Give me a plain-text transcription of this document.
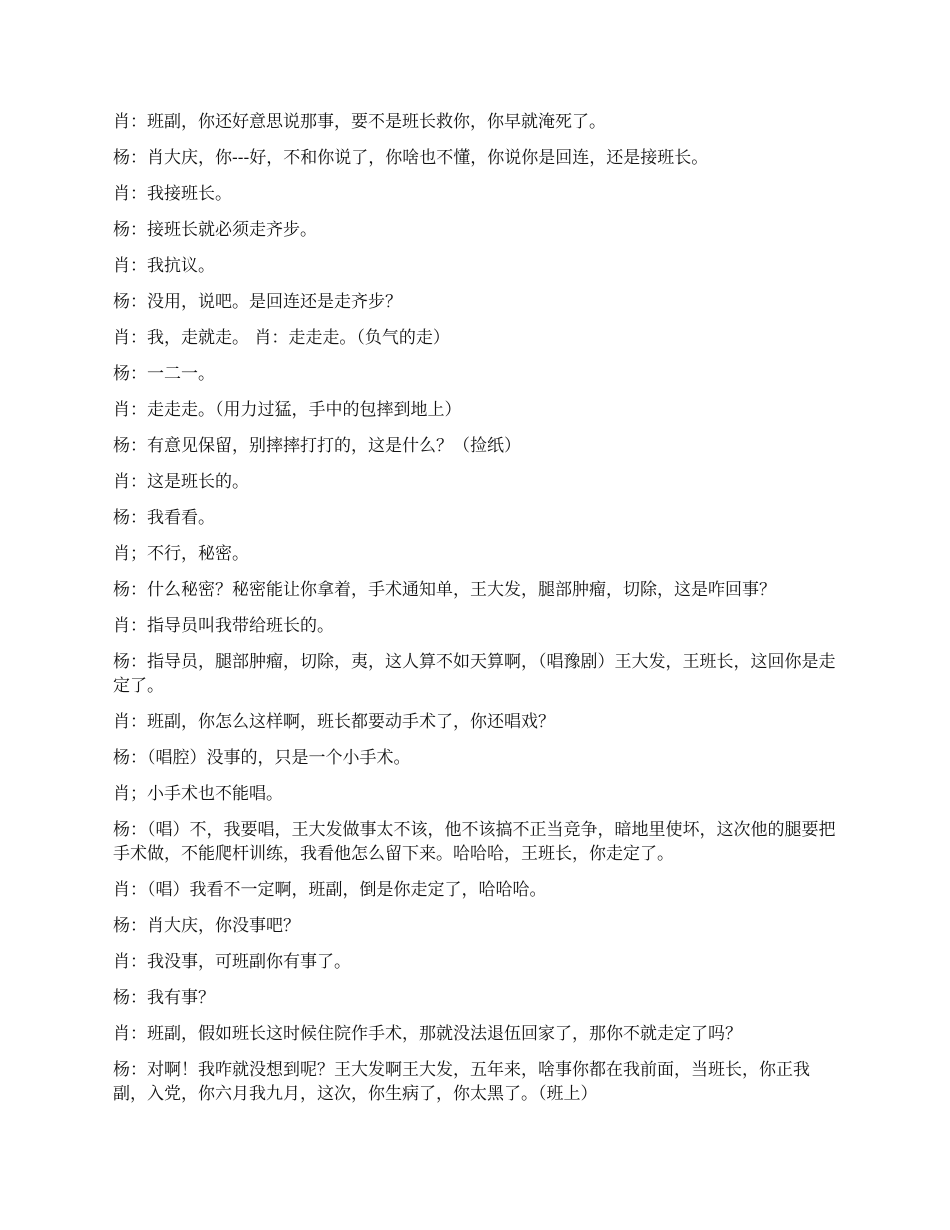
肖：班副，你还好意思说那事，要不是班长救你，你早就淹死了。

杨：肖大庆，你---好，不和你说了，你啥也不懂，你说你是回连，还是接班长。

肖：我接班长。

杨：接班长就必须走齐步。

肖：我抗议。

杨：没用，说吧。是回连还是走齐步？

肖：我，走就走。 肖：走走走。（负气的走）

杨：一二一。

肖：走走走。（用力过猛，手中的包摔到地上）

杨：有意见保留，别摔摔打打的，这是什么？（捡纸）

肖：这是班长的。

杨：我看看。

肖；不行，秘密。

杨：什么秘密？秘密能让你拿着，手术通知单，王大发，腿部肿瘤，切除，这是咋回事？

肖：指导员叫我带给班长的。

杨：指导员，腿部肿瘤，切除，夷，这人算不如天算啊，（唱豫剧）王大发，王班长，这回你是走定了。

肖：班副，你怎么这样啊，班长都要动手术了，你还唱戏？

杨：（唱腔）没事的，只是一个小手术。

肖；小手术也不能唱。

杨：（唱）不，我要唱，王大发做事太不该，他不该搞不正当竞争，暗地里使坏，这次他的腿要把手术做，不能爬杆训练，我看他怎么留下来。哈哈哈，王班长，你走定了。

肖：（唱）我看不一定啊，班副，倒是你走定了，哈哈哈。

杨：肖大庆，你没事吧？

肖：我没事，可班副你有事了。

杨：我有事？

肖：班副，假如班长这时候住院作手术，那就没法退伍回家了，那你不就走定了吗？

杨：对啊！我咋就没想到呢？王大发啊王大发，五年来，啥事你都在我前面，当班长，你正我副，入党，你六月我九月，这次，你生病了，你太黑了。（班上）
